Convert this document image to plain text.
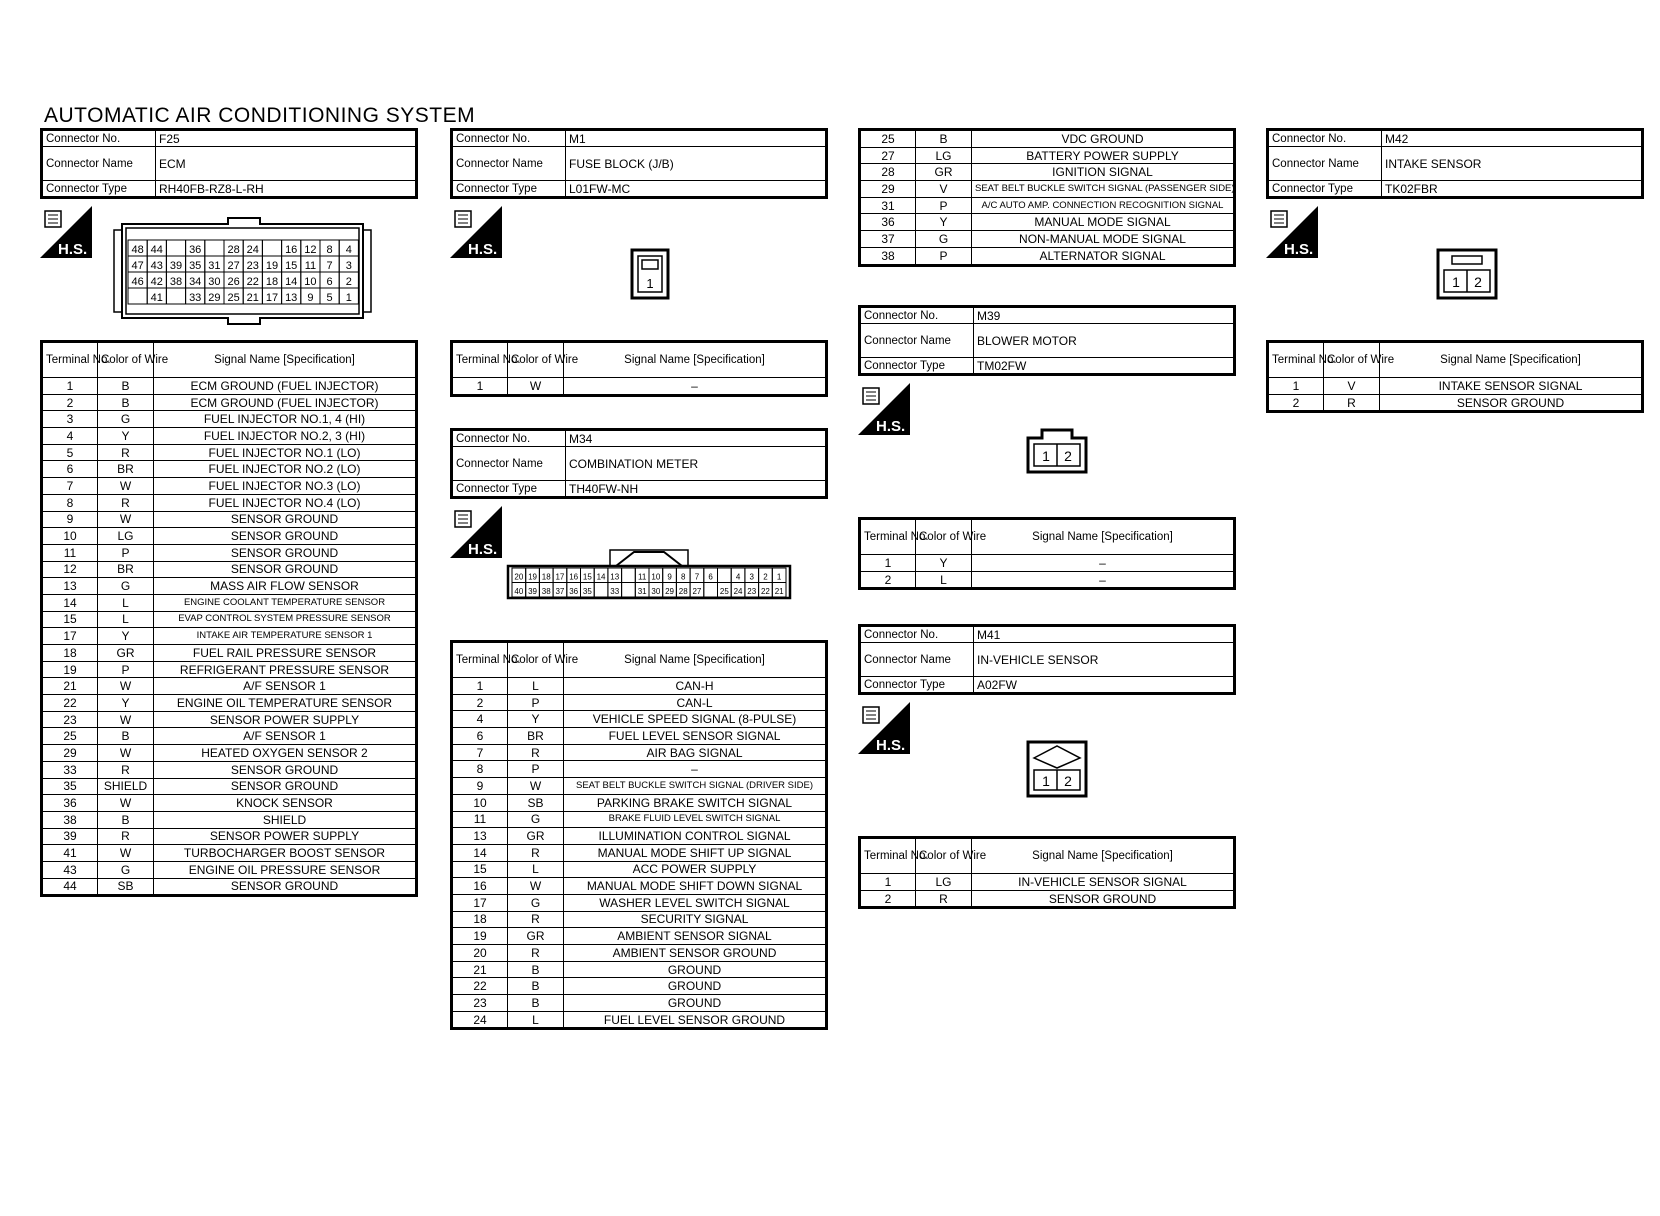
AUTOMATIC AIR CONDITIONING SYSTEM
Connector No.	F25
Connector Name	ECM
Connector Type	RH40FB-RZ8-L-RH
H.S.	48 44 36 28 24 16 12 8 4
47 43 39 35 31 27 23 19 15 11 7 3
46 42 38 34 30 26 22 18 14 10 6 2
41 33 29 25 21 17 13 9 5 1
Terminal No.	Color of Wire	Signal Name [Specification]
1	B	ECM GROUND (FUEL INJECTOR)
2	B	ECM GROUND (FUEL INJECTOR)
3	G	FUEL INJECTOR NO.1, 4 (HI)
4	Y	FUEL INJECTOR NO.2, 3 (HI)
5	R	FUEL INJECTOR NO.1 (LO)
6	BR	FUEL INJECTOR NO.2 (LO)
7	W	FUEL INJECTOR NO.3 (LO)
8	R	FUEL INJECTOR NO.4 (LO)
9	W	SENSOR GROUND
10	LG	SENSOR GROUND
11	P	SENSOR GROUND
12	BR	SENSOR GROUND
13	G	MASS AIR FLOW SENSOR
14	L	ENGINE COOLANT TEMPERATURE SENSOR
15	L	EVAP CONTROL SYSTEM PRESSURE SENSOR
17	Y	INTAKE AIR TEMPERATURE SENSOR 1
18	GR	FUEL RAIL PRESSURE SENSOR
19	P	REFRIGERANT PRESSURE SENSOR
21	W	A/F SENSOR 1
22	Y	ENGINE OIL TEMPERATURE SENSOR
23	W	SENSOR POWER SUPPLY
25	B	A/F SENSOR 1
29	W	HEATED OXYGEN SENSOR 2
33	R	SENSOR GROUND
35	SHIELD	SENSOR GROUND
36	W	KNOCK SENSOR
38	B	SHIELD
39	R	SENSOR POWER SUPPLY
41	W	TURBOCHARGER BOOST SENSOR
43	G	ENGINE OIL PRESSURE SENSOR
44	SB	SENSOR GROUND
Connector No.	M1
Connector Name	FUSE BLOCK (J/B)
Connector Type	L01FW-MC
H.S.
1
Terminal No.	Color of Wire	Signal Name [Specification]
1	W	–
Connector No.	M34
Connector Name	COMBINATION METER
Connector Type	TH40FW-NH
H.S.
20 19 18 17 16 15 14 13 11 10 9 8 7 6	4 3 2 1
40 39 38 37 36 35 33 31 30 29 28 27 25 24 23 22 21
Terminal No.	Color of Wire	Signal Name [Specification]
1	L	CAN-H
2	P	CAN-L
4	Y	VEHICLE SPEED SIGNAL (8-PULSE)
6	BR	FUEL LEVEL SENSOR SIGNAL
7	R	AIR BAG SIGNAL
8	P	–
9	W	SEAT BELT BUCKLE SWITCH SIGNAL (DRIVER SIDE)
10	SB	PARKING BRAKE SWITCH SIGNAL
11	G	BRAKE FLUID LEVEL SWITCH SIGNAL
13	GR	ILLUMINATION CONTROL SIGNAL
14	R	MANUAL MODE SHIFT UP SIGNAL
15	L	ACC POWER SUPPLY
16	W	MANUAL MODE SHIFT DOWN SIGNAL
17	G	WASHER LEVEL SWITCH SIGNAL
18	R	SECURITY SIGNAL
19	GR	AMBIENT SENSOR SIGNAL
20	R	AMBIENT SENSOR GROUND
21	B	GROUND
22	B	GROUND
23	B	GROUND
24	L	FUEL LEVEL SENSOR GROUND
25	B	VDC GROUND
27	LG	BATTERY POWER SUPPLY
28	GR	IGNITION SIGNAL
29	V	SEAT BELT BUCKLE SWITCH SIGNAL (PASSENGER SIDE)
31	P	A/C AUTO AMP. CONNECTION RECOGNITION SIGNAL
36	Y	MANUAL MODE SIGNAL
37	G	NON-MANUAL MODE SIGNAL
38	P	ALTERNATOR SIGNAL
Connector No.	M39
Connector Name	BLOWER MOTOR
Connector Type	TM02FW
H.S.
1 2
Terminal No.	Color of Wire	Signal Name [Specification]
1	Y	–
2	L	–
Connector No.	M41
Connector Name	IN-VEHICLE SENSOR
Connector Type	A02FW
H.S.
1 2
Terminal No.	Color of Wire	Signal Name [Specification]
1	LG	IN-VEHICLE SENSOR SIGNAL
2	R	SENSOR GROUND
Connector No.	M42
Connector Name	INTAKE SENSOR
Connector Type	TK02FBR
H.S.
1 2
Terminal No.	Color of Wire	Signal Name [Specification]
1	V	INTAKE SENSOR SIGNAL
2	R	SENSOR GROUND
